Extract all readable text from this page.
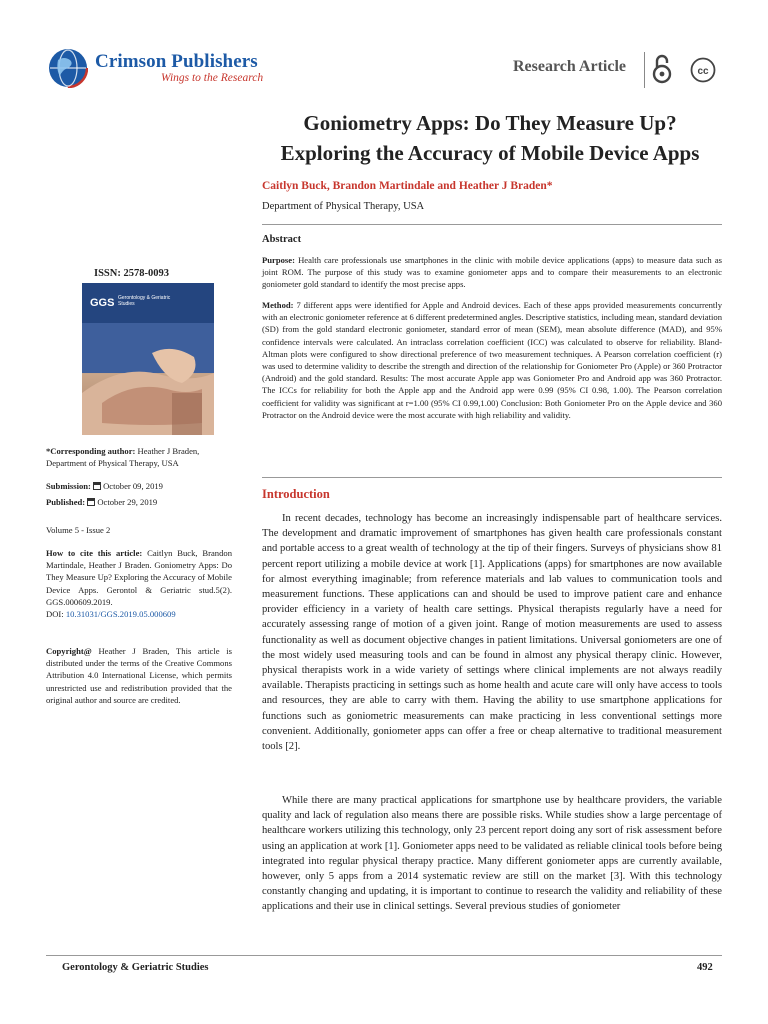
Crimson Publishers
Wings to the Research
Research Article	cc
Goniometry Apps: Do They Measure Up?
Exploring the Accuracy of Mobile Device Apps
Caitlyn Buck, Brandon Martindale and Heather J Braden*
Department of Physical Therapy, USA
Abstract

Purpose: Health care professionals use smartphones in the clinic with mobile device applications (apps) to measure data such as joint ROM. The purpose of this study was to examine goniometer apps and to compare their measurements to an electronic goniometer gold standard to identify the most precise apps.

Method: 7 different apps were identified for Apple and Android devices. Each of these apps provided measurements concurrently with an electronic goniometer reference at 6 different predetermined angles. Descriptive statistics, including mean, standard deviation (SD) from the gold standard electronic goniometer, standard error of mean (SEM), mean absolute difference (MAD), and 95% confidence intervals were calculated. An intraclass correlation coefficient (ICC) was calculated to observe for reliability. Bland-Altman plots were configured to show directional preference of two measurement techniques. A Pearson correlation coefficient (r) was used to determine validity to describe the strength and direction of the relationship for Goniometer Pro (Apple) or 360 Protractor (Android) and the gold standard. Results: The most accurate Apple app was Goniometer Pro and Android app was 360 Protractor. The ICCs for reliability for both the Apple app and the Android app were 0.99 (95% CI 0.98, 1.00). The Pearson correlation coefficient for validity was significant at r=1.00 (95% CI 0.99,1.00) Conclusion: Both Goniometer Pro on the Apple device and 360 Protractor on the Android device were the most accurate with high reliability and validity.

Introduction

In recent decades, technology has become an increasingly indispensable part of healthcare services. The development and dramatic improvement of smartphones has given health care professionals constant and portable access to a great wealth of technology at the tip of their fingers. Surveys of physicians show 81 percent report utilizing a mobile device at work [1]. Applications (apps) for smartphones are now available for almost everything imaginable; from reference materials and lab values to communication tools and measurement functions. These applications can and should be used to improve patient care and enhance provider efficiency in a variety of health care settings. Physical therapists regularly have a need for accurately assessing range of motion of a given joint. Range of motion measurements are used to assess functionality as well as document objective changes in patient limitations. Universal goniometers are one of the most widely used measuring tools and can be found in almost any physical therapy clinic. However, physical therapists work in a wide variety of settings where clinical implements are not always readily available. Therapists practicing in settings such as home health and acute care will only have access to tools and resources, they are able to carry with them. Having the ability to use smartphone applications for functions such as goniometric measurements can make practicing in less conventional settings more convenient. Additionally, goniometer apps can offer a free or cheap alternative to traditional measurement tools [2].

While there are many practical applications for smartphone use by healthcare providers, the variable quality and lack of regulation also means there are possible risks. While studies show a large percentage of healthcare workers utilizing this technology, only 23 percent report doing any sort of risk assessment before using an application at work [1]. Goniometer apps need to be validated as reliable clinical tools before being integrated into regular physical therapy practice. Many different goniometer apps are currently available, however, only 5 apps from a 2014 systematic review are still on the market [3]. With this technology constantly changing and updating, it is important to continue to research the validity and reliability of these applications and their use in clinical settings. Several previous studies of goniometer

ISSN: 2578-0093
GGS Gerontology & Geriatric Studies
*Corresponding author: Heather J Braden, Department of Physical Therapy, USA
Submission: October 09, 2019
Published: October 29, 2019
Volume 5 - Issue 2
How to cite this article: Caitlyn Buck, Brandon Martindale, Heather J Braden. Goniometry Apps: Do They Measure Up? Exploring the Accuracy of Mobile Device Apps. Gerontol & Geriatric stud.5(2). GGS.000609.2019.
DOI: 10.31031/GGS.2019.05.000609
Copyright@ Heather J Braden, This article is distributed under the terms of the Creative Commons Attribution 4.0 International License, which permits unrestricted use and redistribution provided that the original author and source are credited.
Gerontology & Geriatric Studies	492
